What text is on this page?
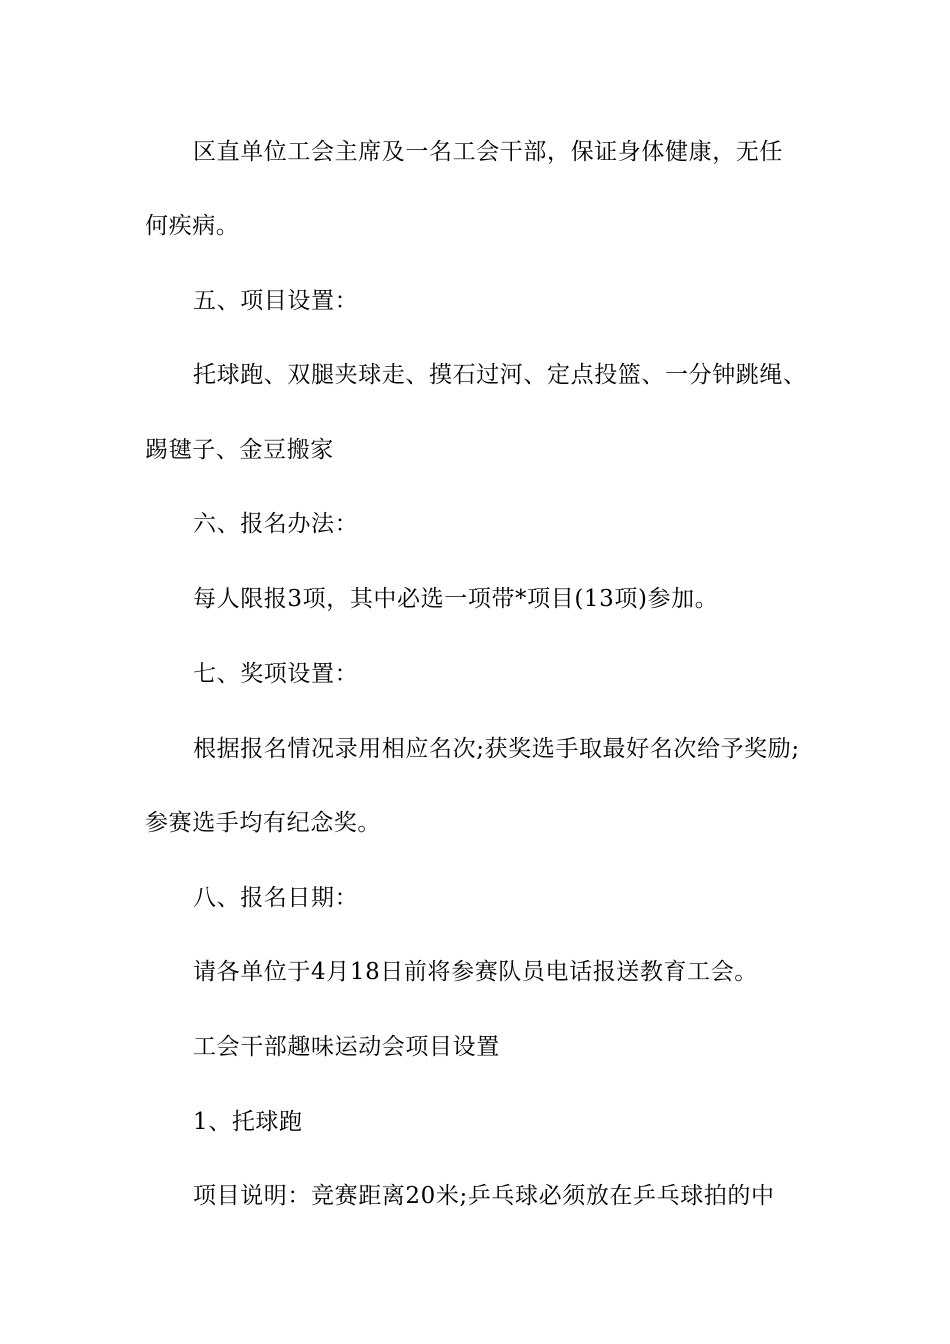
区直单位工会主席及一名工会干部，保证身体健康，无任
何疾病。
五、项目设置：
托球跑、双腿夹球走、摸石过河、定点投篮、一分钟跳绳、
踢毽子、金豆搬家
六、报名办法：
每人限报3项，其中必选一项带*项目(13项)参加。
七、奖项设置：
根据报名情况录用相应名次;获奖选手取最好名次给予奖励;
参赛选手均有纪念奖。
八、报名日期：
请各单位于4月18日前将参赛队员电话报送教育工会。
工会干部趣味运动会项目设置
1、托球跑
项目说明：竞赛距离20米;乒乓球必须放在乒乓球拍的中
